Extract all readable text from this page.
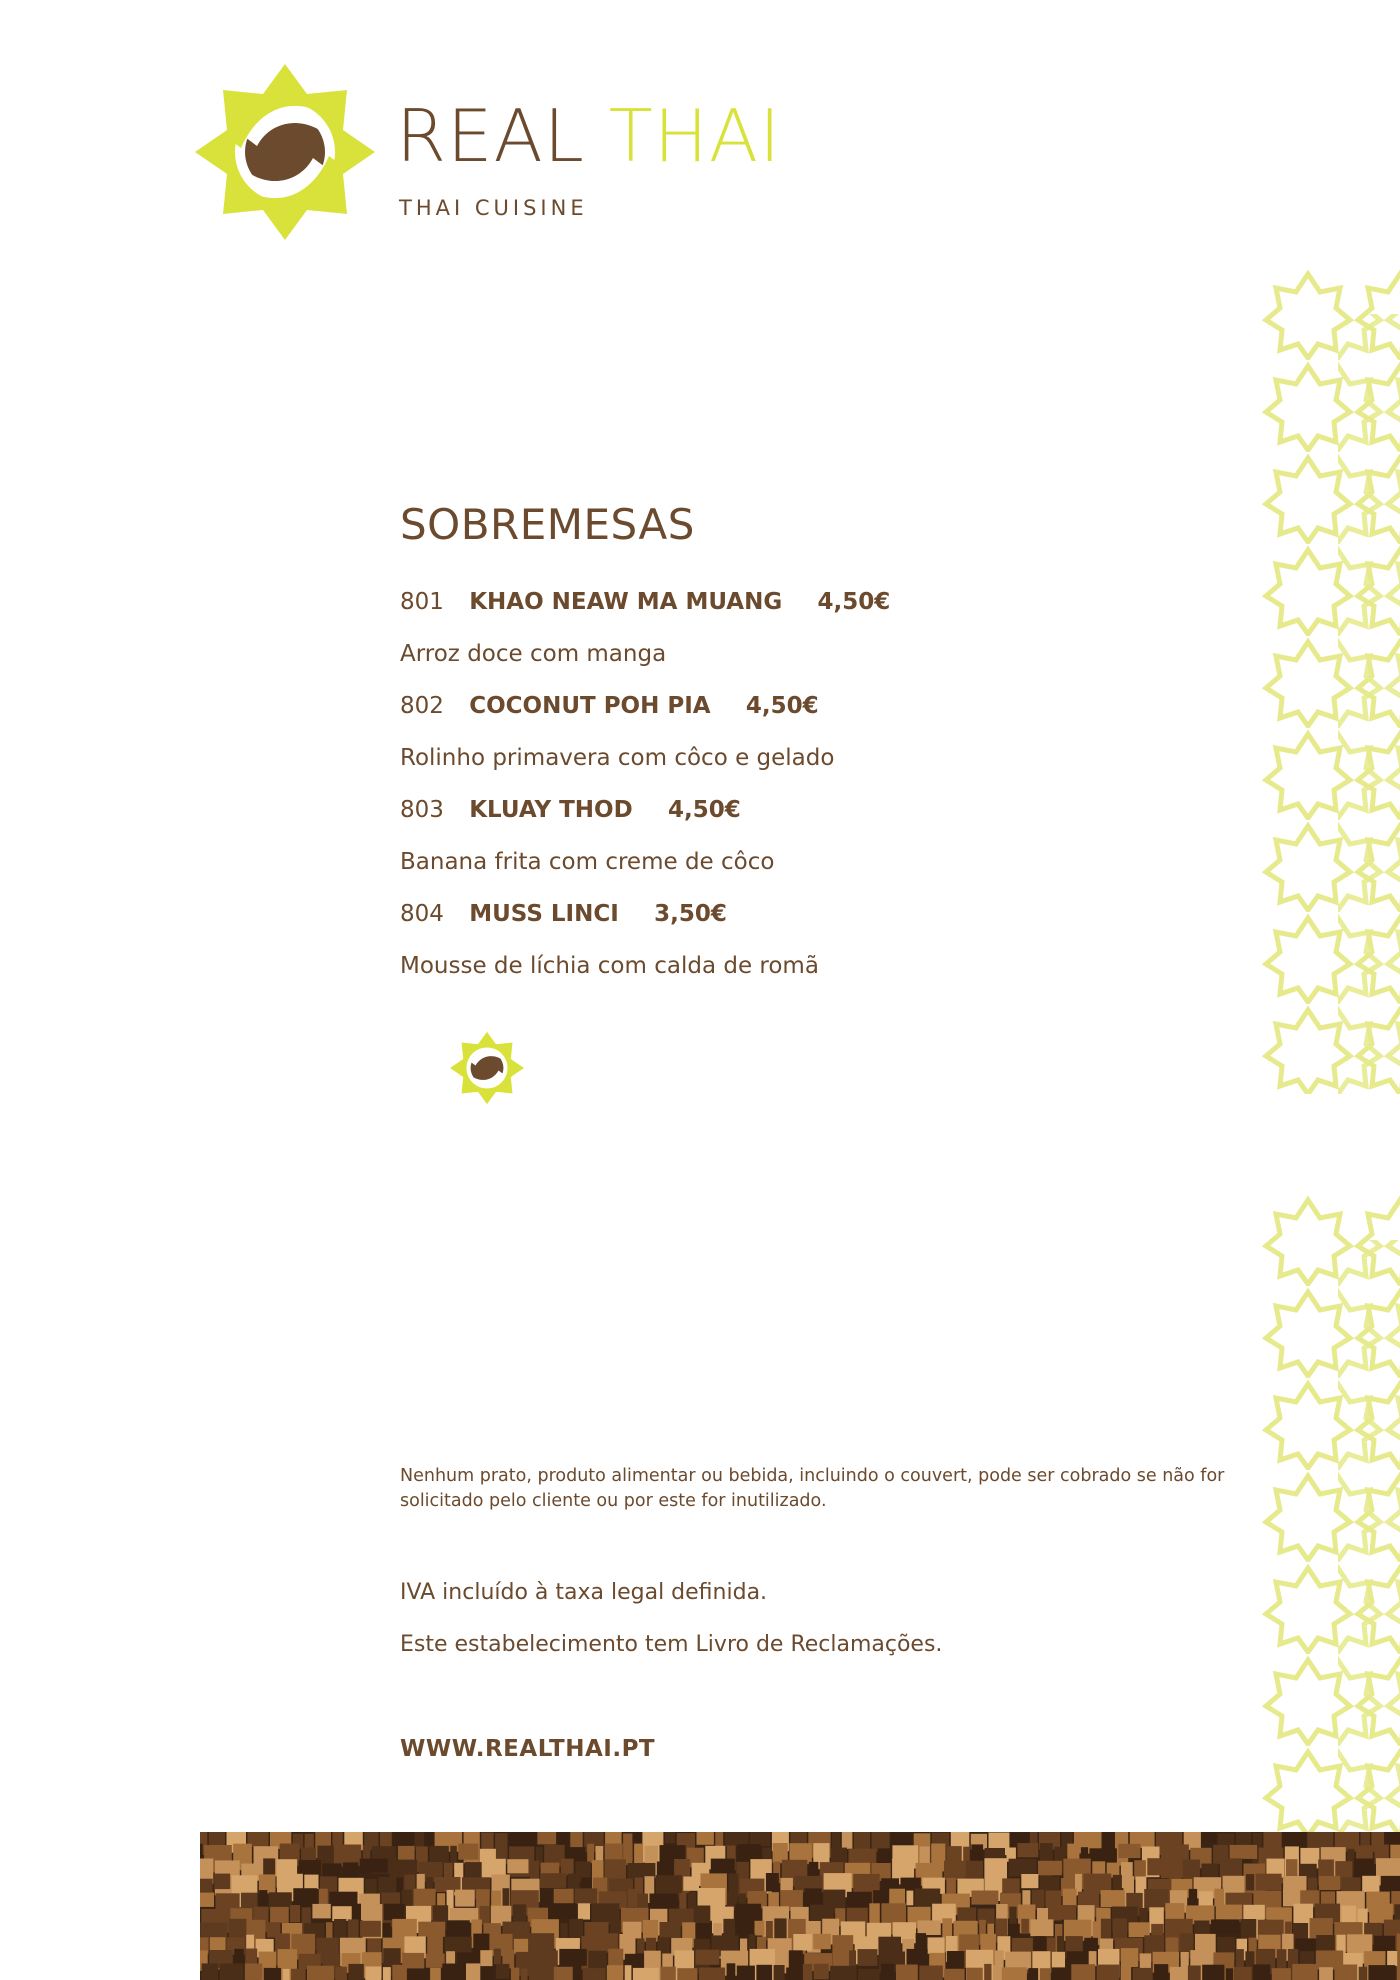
REAL THAI
THAI CUISINE
SOBREMESAS
801 KHAO NEAW MA MUANG 4,50€
Arroz doce com manga
802 COCONUT POH PIA 4,50€
Rolinho primavera com côco e gelado
803 KLUAY THOD 4,50€
Banana frita com creme de côco
804 MUSS LINCI 3,50€
Mousse de líchia com calda de romã
Nenhum prato, produto alimentar ou bebida, incluindo o couvert, pode ser cobrado se não for solicitado pelo cliente ou por este for inutilizado.
IVA incluído à taxa legal definida.
Este estabelecimento tem Livro de Reclamações.
WWW.REALTHAI.PT
